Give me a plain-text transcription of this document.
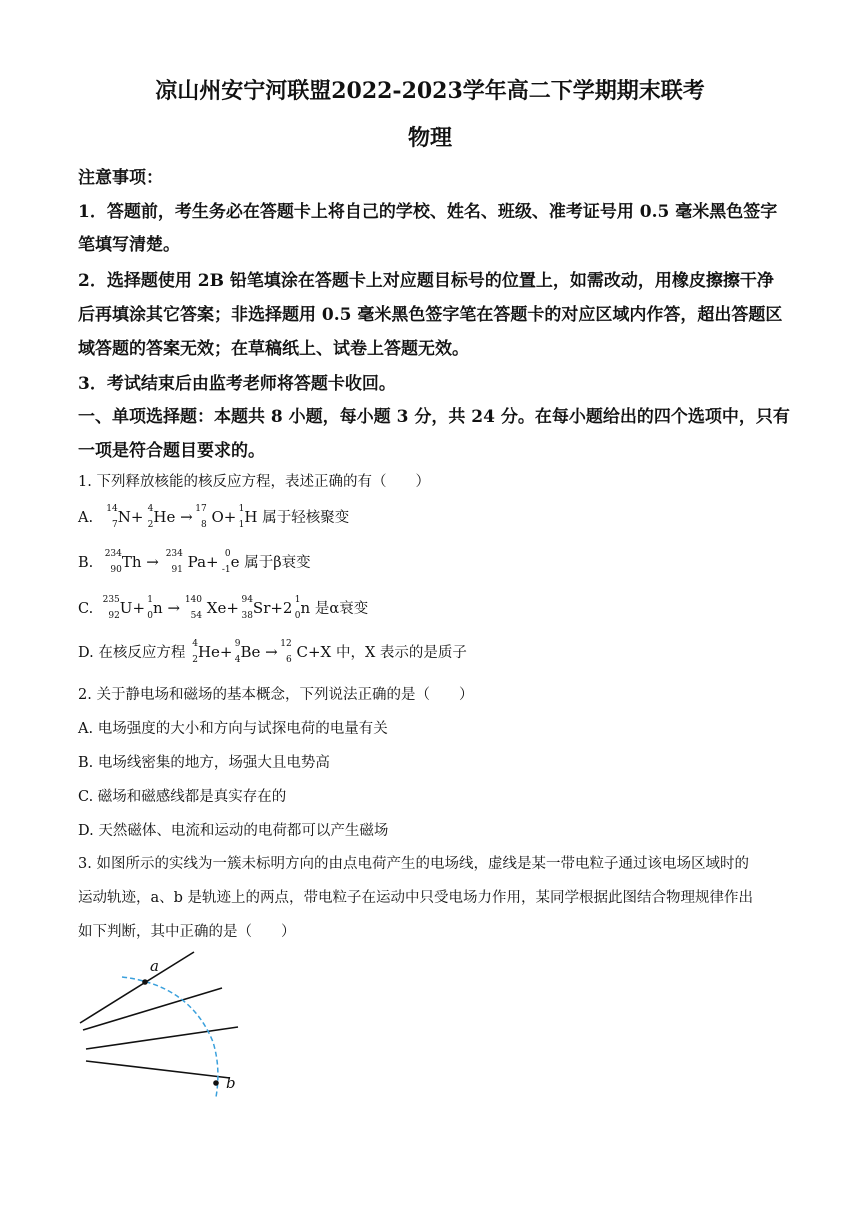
凉山州安宁河联盟2022-2023学年高二下学期期末联考
物理
注意事项：
1．答题前，考生务必在答题卡上将自己的学校、姓名、班级、准考证号用 0.5 毫米黑色签字
笔填写清楚。
2．选择题使用 2B 铅笔填涂在答题卡上对应题目标号的位置上，如需改动，用橡皮擦擦干净
后再填涂其它答案；非选择题用 0.5 毫米黑色签字笔在答题卡的对应区域内作答，超出答题区
域答题的答案无效；在草稿纸上、试卷上答题无效。
3．考试结束后由监考老师将答题卡收回。
一、单项选择题：本题共 8 小题，每小题 3 分，共 24 分。在每小题给出的四个选项中，只有
一项是符合题目要求的。
1. 下列释放核能的核反应方程，表述正确的有（　　）
A.
14
7 N+ 4
2 He → 17
8 O+ 1
1 H 属于轻核聚变
B.
234
90 Th → 234
91 Pa+ 0
-1 e 属于β衰变
C.
235
92 U+ 1
0 n → 140
54 Xe+ 94
38 Sr+2 1
0 n 是α衰变
D. 在核反应方程
4
2 He+ 9
4 Be → 12
6 C+X 中，X 表示的是质子
2. 关于静电场和磁场的基本概念，下列说法正确的是（　　）
A. 电场强度的大小和方向与试探电荷的电量有关
B. 电场线密集的地方，场强大且电势高
C. 磁场和磁感线都是真实存在的
D. 天然磁体、电流和运动的电荷都可以产生磁场
3. 如图所示的实线为一簇未标明方向的由点电荷产生的电场线，虚线是某一带电粒子通过该电场区域时的
运动轨迹，a、b 是轨迹上的两点，带电粒子在运动中只受电场力作用，某同学根据此图结合物理规律作出
如下判断，其中正确的是（　　）
a
b
